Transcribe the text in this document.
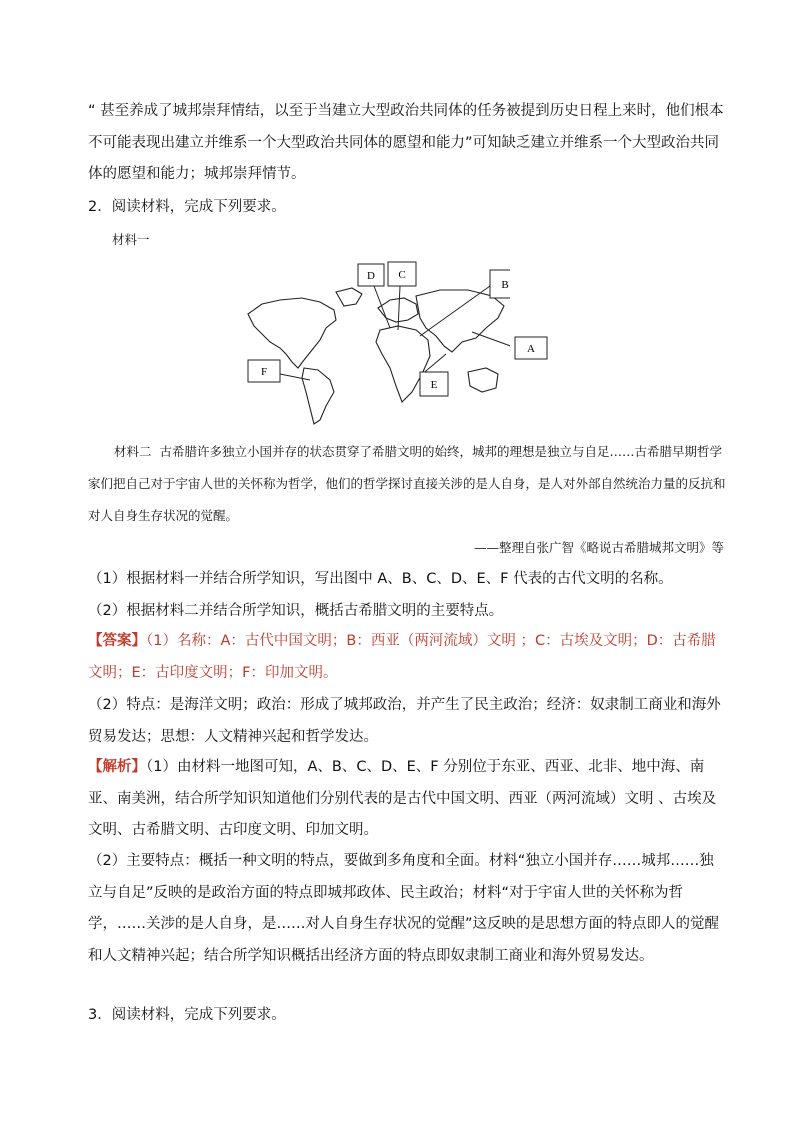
“ 甚至养成了城邦崇拜情结，以至于当建立大型政治共同体的任务被提到历史日程上来时，他们根本不可能表现出建立并维系一个大型政治共同体的愿望和能力”可知缺乏建立并维系一个大型政治共同体的愿望和能力；城邦崇拜情节。

2．阅读材料，完成下列要求。

材料一
D C
B
F
E
A

材料二 古希腊许多独立小国并存的状态贯穿了希腊文明的始终，城邦的理想是独立与自足……古希腊早期哲学家们把自己对于宇宙人世的关怀称为哲学，他们的哲学探讨直接关涉的是人自身，是人对外部自然统治力量的反抗和对人自身生存状况的觉醒。

——整理自张广智《略说古希腊城邦文明》等

（1）根据材料一并结合所学知识，写出图中 A、B、C、D、E、F 代表的古代文明的名称。

（2）根据材料二并结合所学知识，概括古希腊文明的主要特点。

【答案】（1）名称：A：古代中国文明；B：西亚（两河流域）文明 ；C：古埃及文明；D：古希腊文明；E：古印度文明；F：印加文明。

（2）特点：是海洋文明；政治：形成了城邦政治，并产生了民主政治；经济：奴隶制工商业和海外贸易发达；思想：人文精神兴起和哲学发达。

【解析】（1）由材料一地图可知，A、B、C、D、E、F 分别位于东亚、西亚、北非、地中海、南亚、南美洲，结合所学知识知道他们分别代表的是古代中国文明、西亚（两河流域）文明 、古埃及文明、古希腊文明、古印度文明、印加文明。

（2）主要特点：概括一种文明的特点，要做到多角度和全面。材料“独立小国并存……城邦……独立与自足”反映的是政治方面的特点即城邦政体、民主政治；材料“对于宇宙人世的关怀称为哲学，……关涉的是人自身，是……对人自身生存状况的觉醒”这反映的是思想方面的特点即人的觉醒和人文精神兴起；结合所学知识概括出经济方面的特点即奴隶制工商业和海外贸易发达。

3．阅读材料，完成下列要求。
